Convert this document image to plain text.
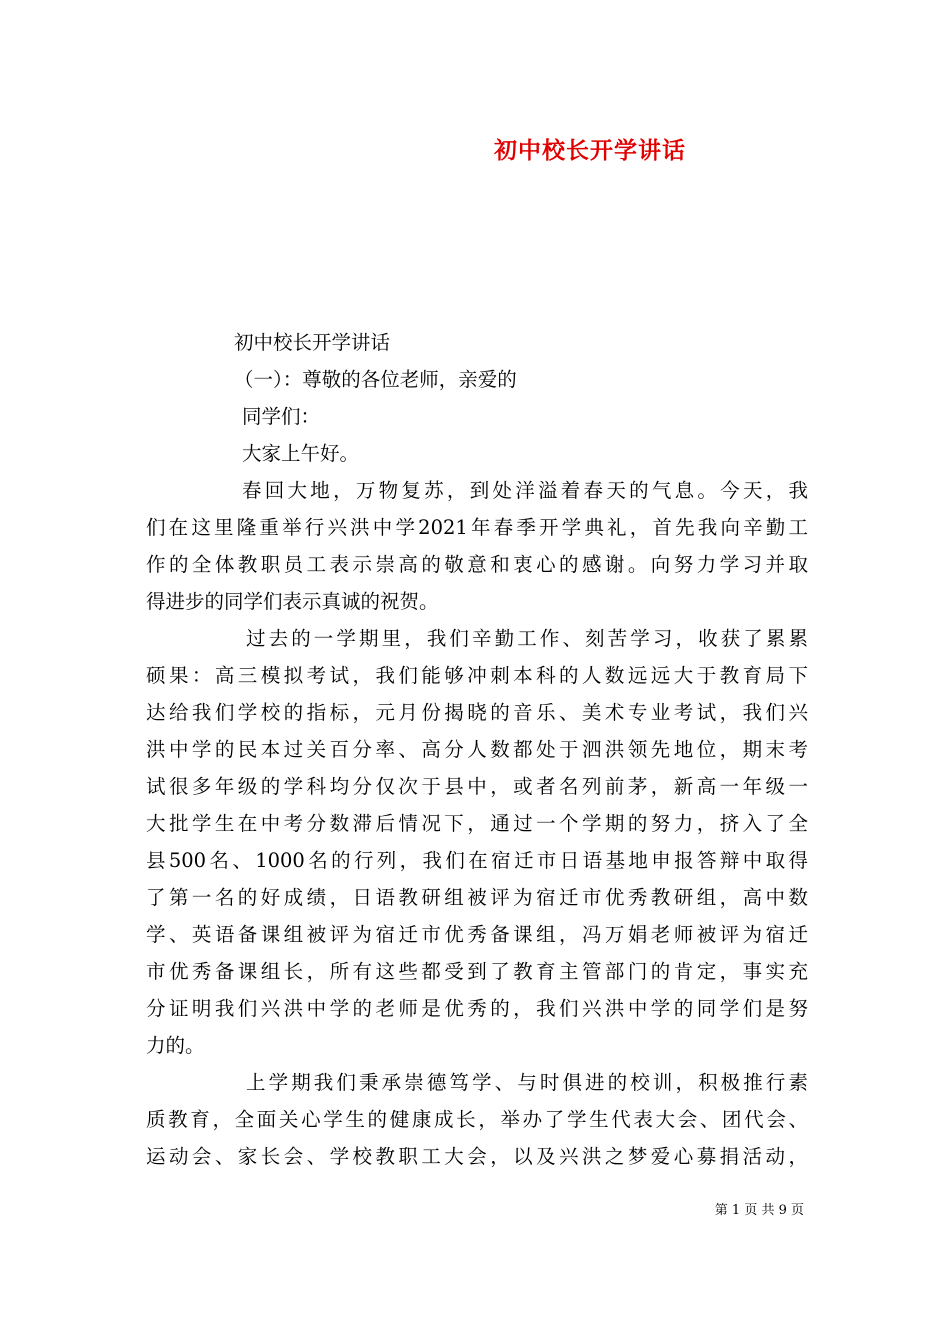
初中校长开学讲话
初中校长开学讲话
（一）：尊敬的各位老师，亲爱的
同学们：
大家上午好。
春回大地，万物复苏，到处洋溢着春天的气息。今天，我
们在这里隆重举行兴洪中学2021年春季开学典礼，首先我向辛勤工
作的全体教职员工表示崇高的敬意和衷心的感谢。向努力学习并取
得进步的同学们表示真诚的祝贺。
过去的一学期里，我们辛勤工作、刻苦学习，收获了累累
硕果：高三模拟考试，我们能够冲刺本科的人数远远大于教育局下
达给我们学校的指标，元月份揭晓的音乐、美术专业考试，我们兴
洪中学的民本过关百分率、高分人数都处于泗洪领先地位，期末考
试很多年级的学科均分仅次于县中，或者名列前茅，新高一年级一
大批学生在中考分数滞后情况下，通过一个学期的努力，挤入了全
县500名、1000名的行列，我们在宿迁市日语基地申报答辩中取得
了第一名的好成绩，日语教研组被评为宿迁市优秀教研组，高中数
学、英语备课组被评为宿迁市优秀备课组，冯万娟老师被评为宿迁
市优秀备课组长，所有这些都受到了教育主管部门的肯定，事实充
分证明我们兴洪中学的老师是优秀的，我们兴洪中学的同学们是努
力的。
上学期我们秉承崇德笃学、与时俱进的校训，积极推行素
质教育，全面关心学生的健康成长，举办了学生代表大会、团代会、
运动会、家长会、学校教职工大会，以及兴洪之梦爱心募捐活动，
第 1 页 共 9 页
